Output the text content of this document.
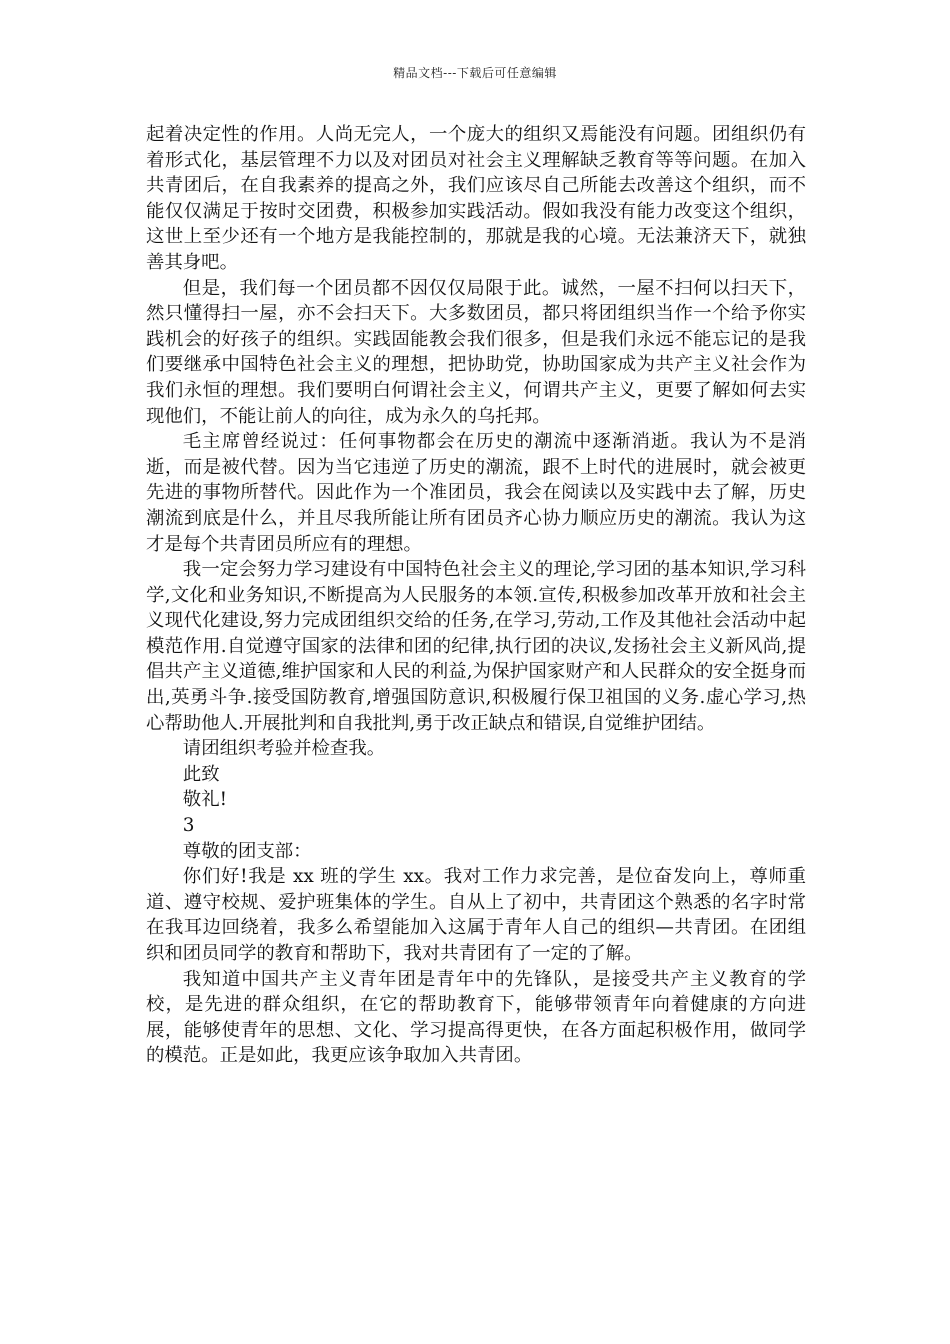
精品文档---下载后可任意编辑

起着决定性的作用。人尚无完人，一个庞大的组织又焉能没有问题。团组织仍有着形式化，基层管理不力以及对团员对社会主义理解缺乏教育等等问题。在加入共青团后，在自我素养的提高之外，我们应该尽自己所能去改善这个组织，而不能仅仅满足于按时交团费，积极参加实践活动。假如我没有能力改变这个组织，这世上至少还有一个地方是我能控制的，那就是我的心境。无法兼济天下，就独善其身吧。

但是，我们每一个团员都不因仅仅局限于此。诚然，一屋不扫何以扫天下，然只懂得扫一屋，亦不会扫天下。大多数团员，都只将团组织当作一个给予你实践机会的好孩子的组织。实践固能教会我们很多，但是我们永远不能忘记的是我们要继承中国特色社会主义的理想，把协助党，协助国家成为共产主义社会作为我们永恒的理想。我们要明白何谓社会主义，何谓共产主义，更要了解如何去实现他们，不能让前人的向往，成为永久的乌托邦。

毛主席曾经说过：任何事物都会在历史的潮流中逐渐消逝。我认为不是消逝，而是被代替。因为当它违逆了历史的潮流，跟不上时代的进展时，就会被更先进的事物所替代。因此作为一个准团员，我会在阅读以及实践中去了解，历史潮流到底是什么，并且尽我所能让所有团员齐心协力顺应历史的潮流。我认为这才是每个共青团员所应有的理想。

我一定会努力学习建设有中国特色社会主义的理论,学习团的基本知识,学习科学,文化和业务知识,不断提高为人民服务的本领.宣传,积极参加改革开放和社会主义现代化建设,努力完成团组织交给的任务,在学习,劳动,工作及其他社会活动中起模范作用.自觉遵守国家的法律和团的纪律,执行团的决议,发扬社会主义新风尚,提倡共产主义道德,维护国家和人民的利益,为保护国家财产和人民群众的安全挺身而出,英勇斗争.接受国防教育,增强国防意识,积极履行保卫祖国的义务.虚心学习,热心帮助他人.开展批判和自我批判,勇于改正缺点和错误,自觉维护团结。

请团组织考验并检查我。

此致

敬礼!

3

尊敬的团支部：

你们好!我是 xx 班的学生 xx。我对工作力求完善，是位奋发向上，尊师重道、遵守校规、爱护班集体的学生。自从上了初中，共青团这个熟悉的名字时常在我耳边回绕着，我多么希望能加入这属于青年人自己的组织—共青团。在团组织和团员同学的教育和帮助下，我对共青团有了一定的了解。

我知道中国共产主义青年团是青年中的先锋队，是接受共产主义教育的学校，是先进的群众组织，在它的帮助教育下，能够带领青年向着健康的方向进展，能够使青年的思想、文化、学习提高得更快，在各方面起积极作用，做同学的模范。正是如此，我更应该争取加入共青团。
